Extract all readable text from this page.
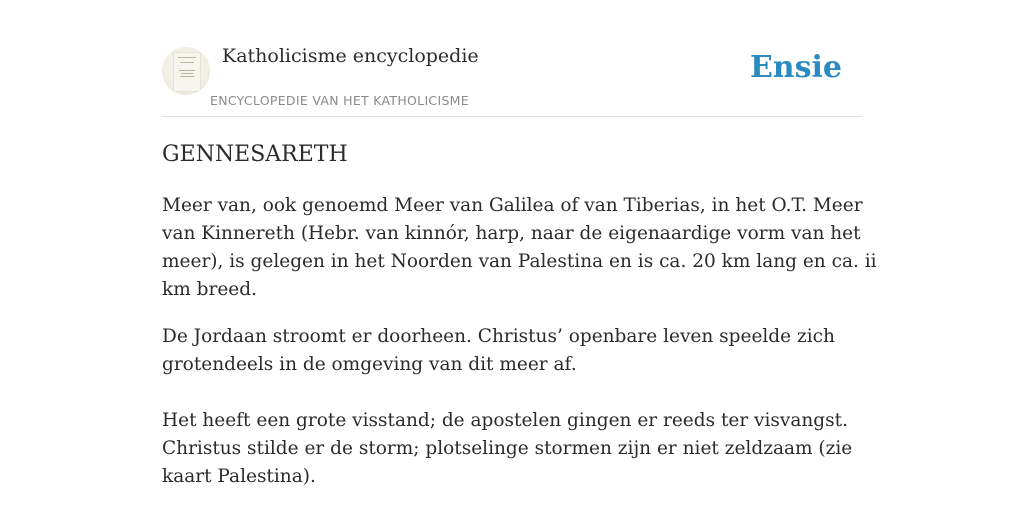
Katholicisme encyclopedie
ENCYCLOPEDIE VAN HET KATHOLICISME
Ensie
GENNESARETH

Meer van, ook genoemd Meer van Galilea of van Tiberias, in het O.T. Meer van Kinnereth (Hebr. van kinnór, harp, naar de eigenaardige vorm van het meer), is gelegen in het Noorden van Palestina en is ca. 20 km lang en ca. ii km breed.

De Jordaan stroomt er doorheen. Christus’ openbare leven speelde zich grotendeels in de omgeving van dit meer af.

Het heeft een grote visstand; de apostelen gingen er reeds ter visvangst. Christus stilde er de storm; plotselinge stormen zijn er niet zeldzaam (zie kaart Palestina).
